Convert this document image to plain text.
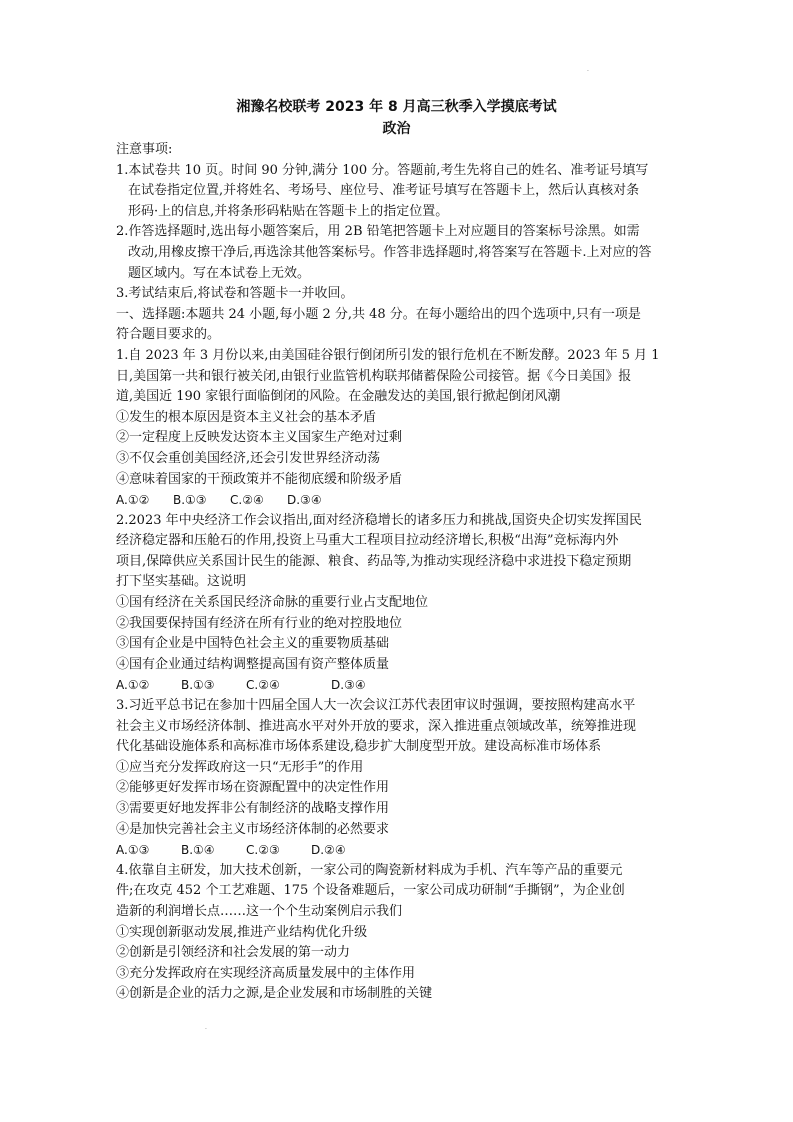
.
湘豫名校联考 2023 年 8 月高三秋季入学摸底考试
政治

注意事项:

1.本试卷共 10 页。时间 90 分钟,满分 100 分。答题前,考生先将自己的姓名、准考证号填写

在试卷指定位置,并将姓名、考场号、座位号、准考证号填写在答题卡上，然后认真核对条

形码·上的信息,并将条形码粘贴在答题卡上的指定位置。

2.作答选择题时,选出每小题答案后，用 2B 铅笔把答题卡上对应题目的答案标号涂黑。如需

改动,用橡皮擦干净后,再选涂其他答案标号。作答非选择题时,将答案写在答题卡.上对应的答

题区域内。写在本试卷上无效。

3.考试结束后,将试卷和答题卡一并收回。

一、选择题:本题共 24 小题,每小题 2 分,共 48 分。在每小题给出的四个选项中,只有一项是

符合题目要求的。

1.自 2023 年 3 月份以来,由美国硅谷银行倒闭所引发的银行危机在不断发酵。2023 年 5 月 1

日,美国第一共和银行被关闭,由银行业监管机构联邦储蓄保险公司接管。据《今日美国》报

道,美国近 190 家银行面临倒闭的风险。在金融发达的美国,银行掀起倒闭风潮

①发生的根本原因是资本主义社会的基本矛盾

②一定程度上反映发达资本主义国家生产绝对过剩

③不仅会重创美国经济,还会引发世界经济动荡

④意味着国家的干预政策并不能彻底缓和阶级矛盾

A.①② B.①③ C.②④ D.③④

2.2023 年中央经济工作会议指出,面对经济稳增长的诸多压力和挑战,国资央企切实发挥国民

经济稳定器和压舱石的作用,投资上马重大工程项目拉动经济增长,积极“出海”竞标海内外

项目,保障供应关系国计民生的能源、粮食、药品等,为推动实现经济稳中求进投下稳定预期

打下坚实基础。这说明

①国有经济在关系国民经济命脉的重要行业占支配地位

②我国要保持国有经济在所有行业的绝对控股地位

③国有企业是中国特色社会主义的重要物质基础

④国有企业通过结构调整提高国有资产整体质量

A.①②	B.①③	C.②④	D.③④

3.习近平总书记在参加十四届全国人大一次会议江苏代表团审议时强调，要按照构建高水平

社会主义市场经济体制、推进高水平对外开放的要求，深入推进重点领域改革，统筹推进现

代化基础设施体系和高标准市场体系建设,稳步扩大制度型开放。建设高标准市场体系

①应当充分发挥政府这一只“无形手”的作用

②能够更好发挥市场在资源配置中的决定性作用

③需要更好地发挥非公有制经济的战略支撑作用

④是加快完善社会主义市场经济体制的必然要求

A.①③	B.①④	C.②③	D.②④

4.依靠自主研发，加大技术创新，一家公司的陶瓷新材料成为手机、汽车等产品的重要元

件;在攻克 452 个工艺难题、175 个设备难题后，一家公司成功研制“手撕钢”，为企业创

造新的利润增长点……这一个个生动案例启示我们

①实现创新驱动发展,推进产业结构优化升级

②创新是引领经济和社会发展的第一动力

③充分发挥政府在实现经济高质量发展中的主体作用

④创新是企业的活力之源,是企业发展和市场制胜的关键

.
